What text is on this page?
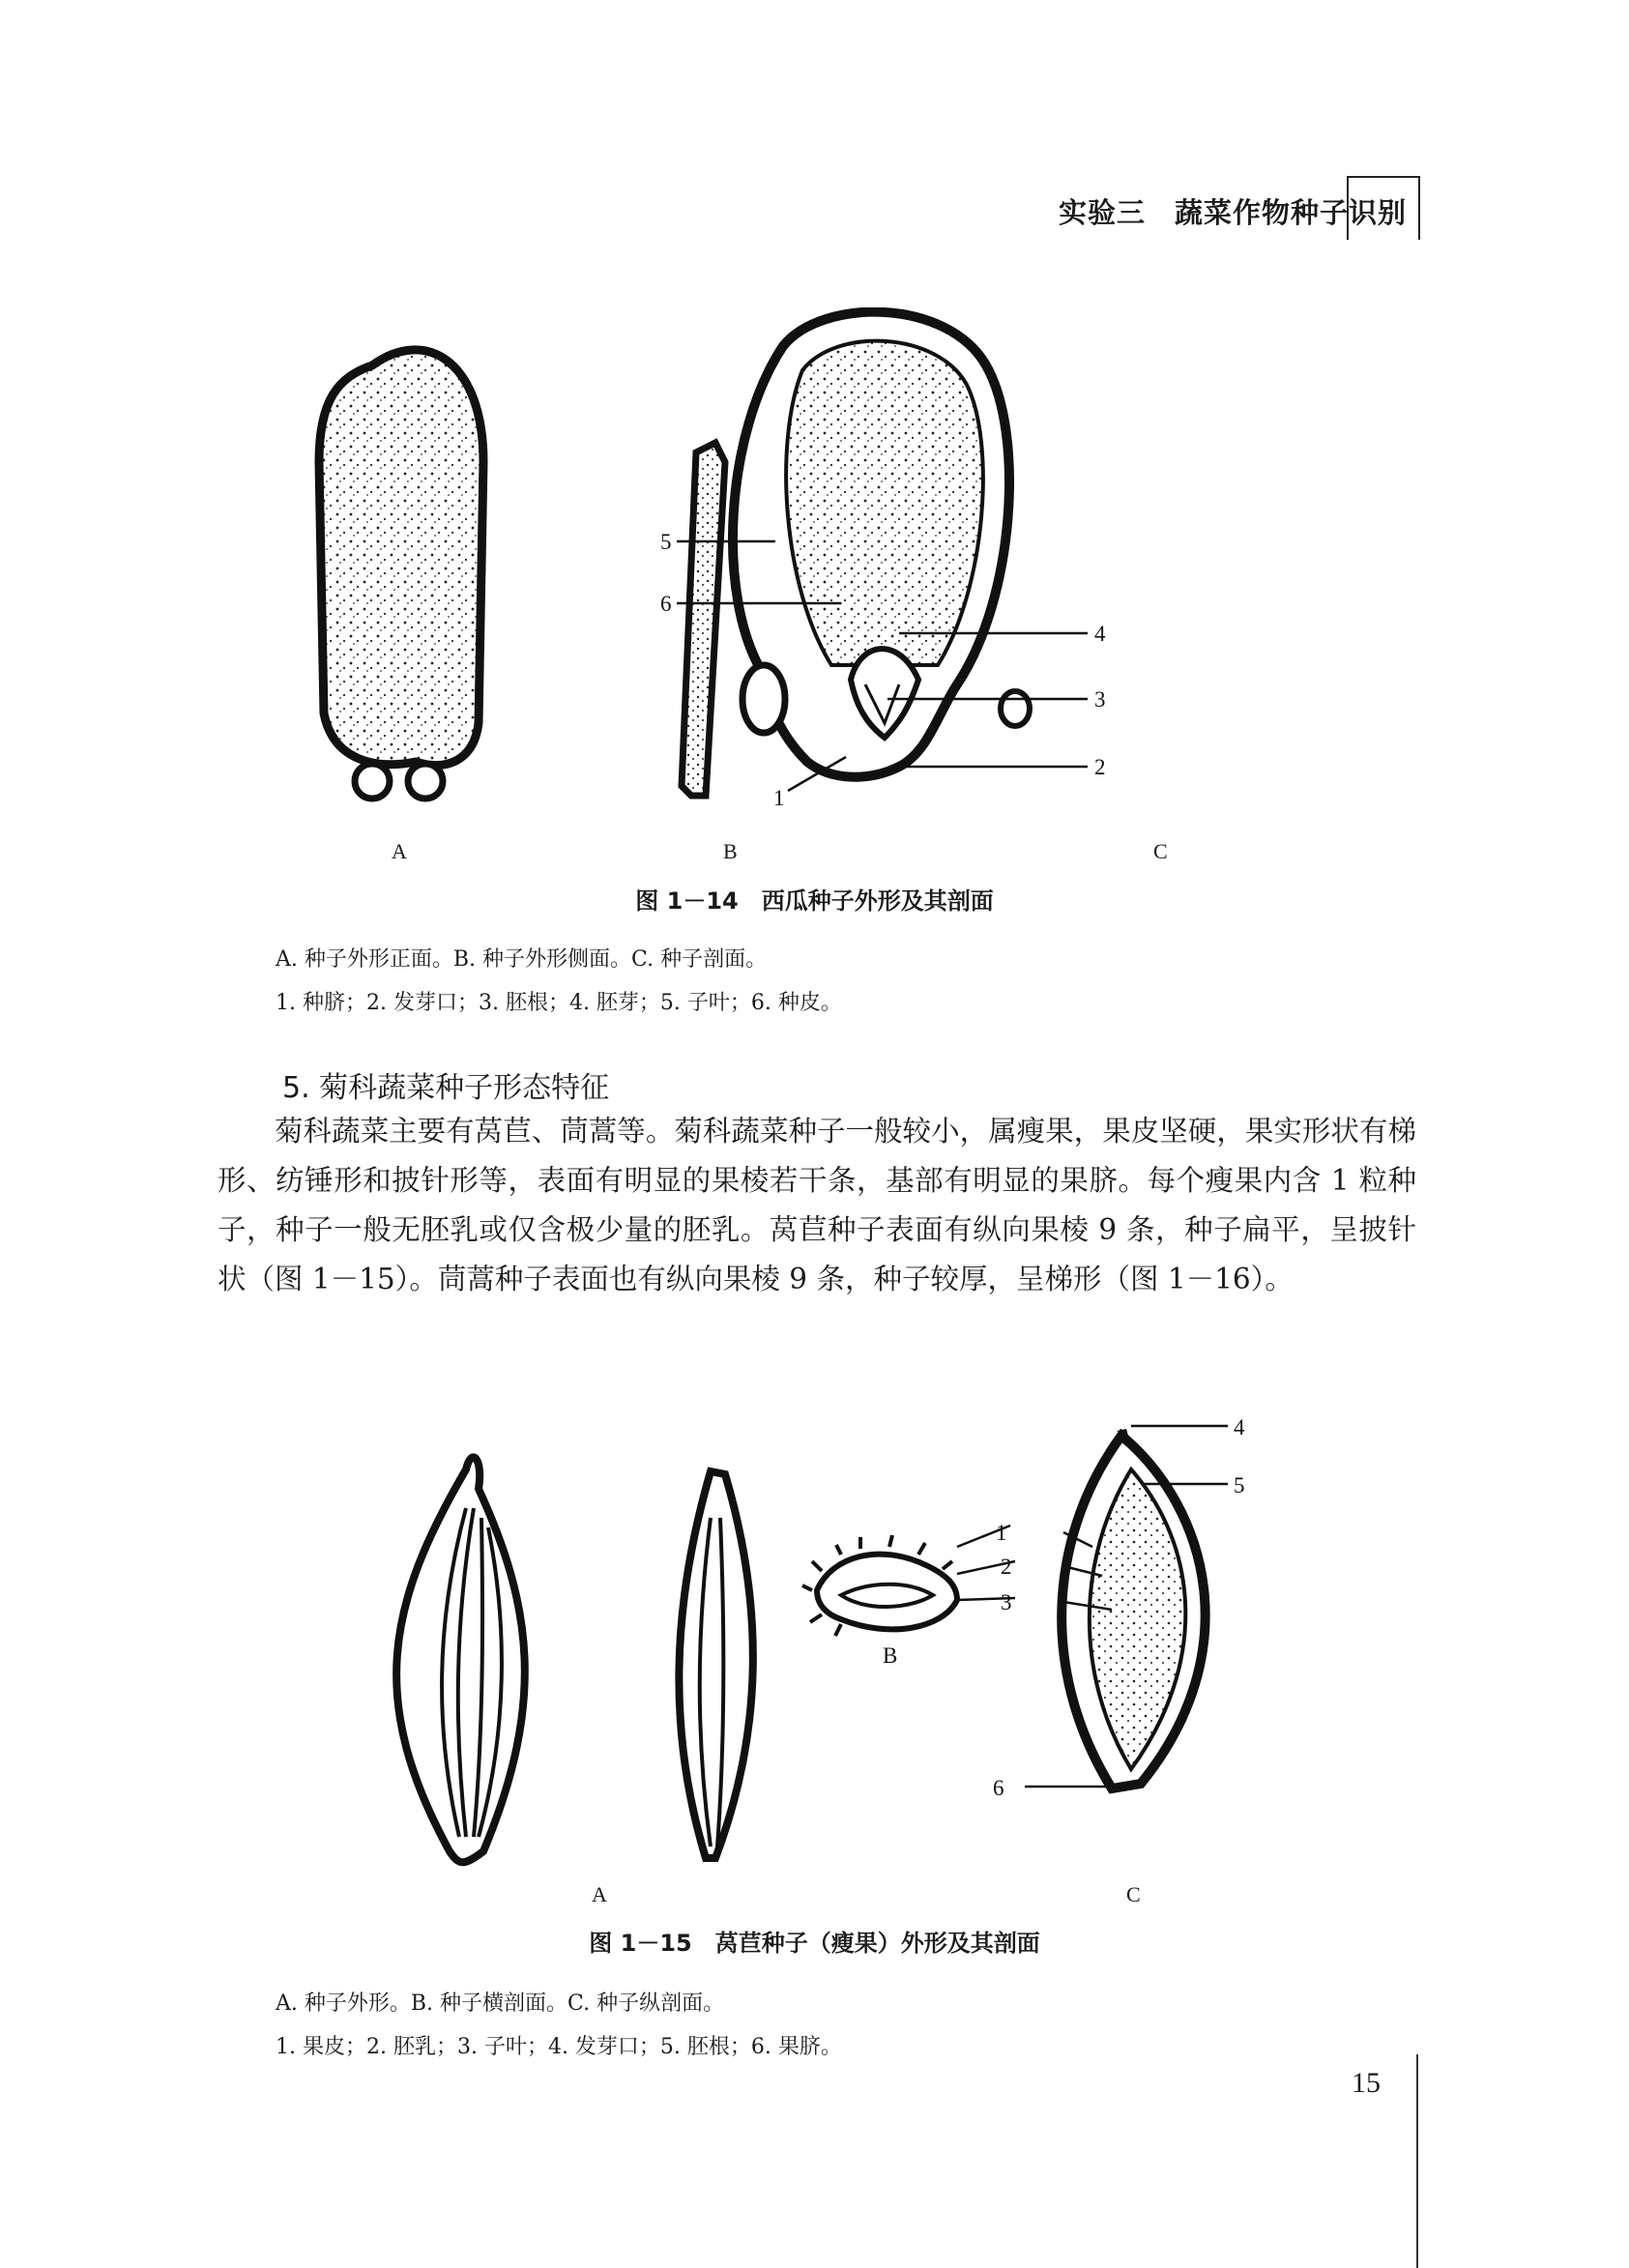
实验三　蔬菜作物种子识别
5
6
4
3
2
1
A	B	C
图 1－14　西瓜种子外形及其剖面
A. 种子外形正面。B. 种子外形侧面。C. 种子剖面。
1. 种脐；2. 发芽口；3. 胚根；4. 胚芽；5. 子叶；6. 种皮。
5. 菊科蔬菜种子形态特征

菊科蔬菜主要有莴苣、茼蒿等。菊科蔬菜种子一般较小，属瘦果，果皮坚硬，果实形状有梯形、纺锤形和披针形等，表面有明显的果棱若干条，基部有明显的果脐。每个瘦果内含 1 粒种子，种子一般无胚乳或仅含极少量的胚乳。莴苣种子表面有纵向果棱 9 条，种子扁平，呈披针状（图 1－15）。茼蒿种子表面也有纵向果棱 9 条，种子较厚，呈梯形（图 1－16）。

4
5
1
2
3
6
B
A	C
图 1－15　莴苣种子（瘦果）外形及其剖面
A. 种子外形。B. 种子横剖面。C. 种子纵剖面。
1. 果皮；2. 胚乳；3. 子叶；4. 发芽口；5. 胚根；6. 果脐。
15
